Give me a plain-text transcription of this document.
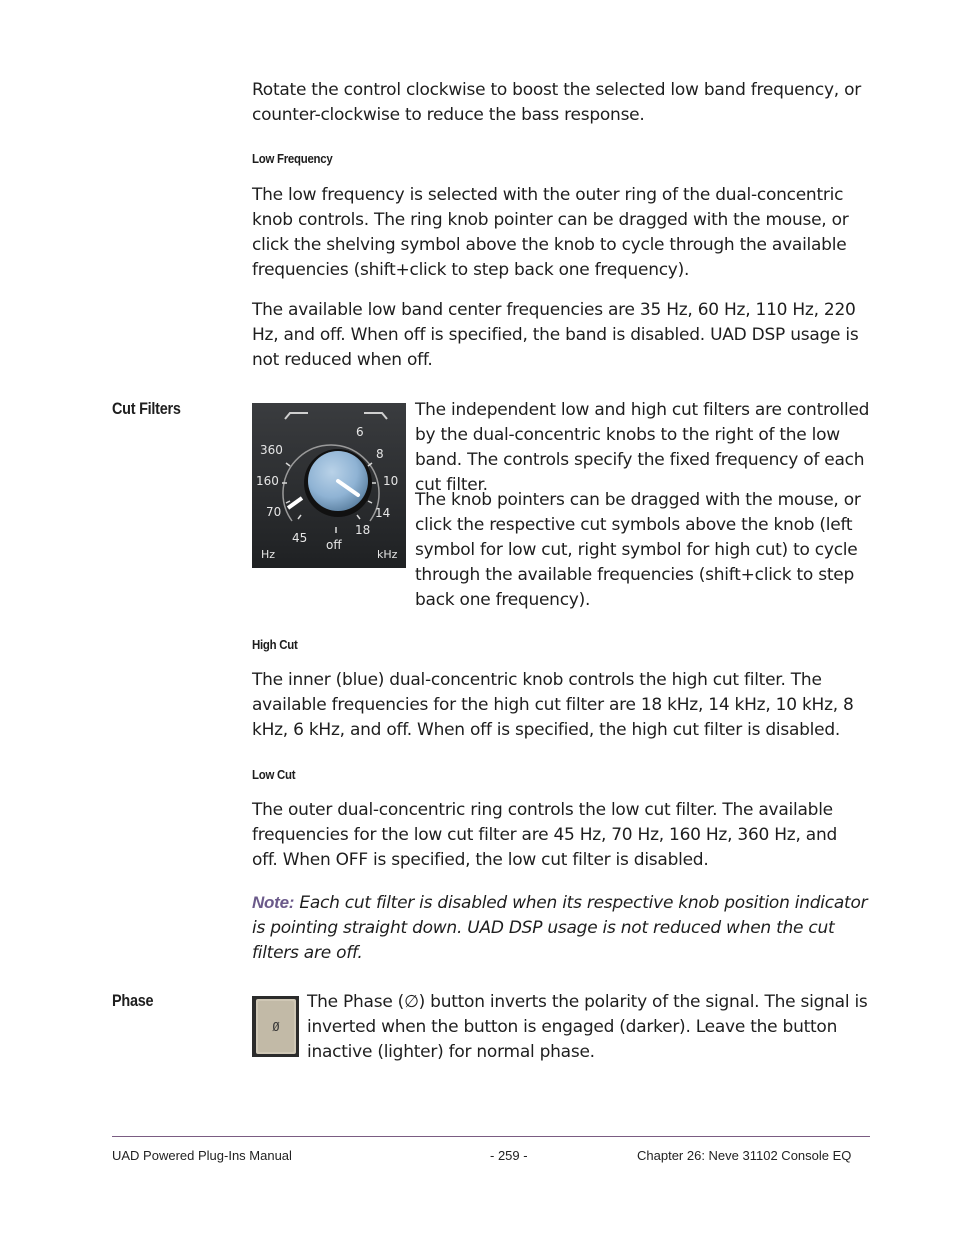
Rotate the control clockwise to boost the selected low band frequency, or counter-clockwise to reduce the bass response.

Low Frequency

The low frequency is selected with the outer ring of the dual-concentric knob controls. The ring knob pointer can be dragged with the mouse, or click the shelving symbol above the knob to cycle through the available frequencies (shift+click to step back one frequency).

The available low band center frequencies are 35 Hz, 60 Hz, 110 Hz, 220 Hz, and off. When off is specified, the band is disabled. UAD DSP usage is not reduced when off.

Cut Filters
360
160
70
45 off
6
8
10
14
18
Hz	kHz

The independent low and high cut filters are controlled by the dual-concentric knobs to the right of the low band. The controls specify the fixed frequency of each cut filter.

The knob pointers can be dragged with the mouse, or click the respective cut symbols above the knob (left symbol for low cut, right symbol for high cut) to cycle through the available frequencies (shift+click to step back one frequency).

High Cut

The inner (blue) dual-concentric knob controls the high cut filter. The available frequencies for the high cut filter are 18 kHz, 14 kHz, 10 kHz, 8 kHz, 6 kHz, and off. When off is specified, the high cut filter is disabled.

Low Cut

The outer dual-concentric ring controls the low cut filter. The available frequencies for the low cut filter are 45 Hz, 70 Hz, 160 Hz, 360 Hz, and off. When OFF is specified, the low cut filter is disabled.

Note: Each cut filter is disabled when its respective knob position indicator is pointing straight down. UAD DSP usage is not reduced when the cut filters are off.

Phase
Ø

The Phase (∅) button inverts the polarity of the signal. The signal is inverted when the button is engaged (darker). Leave the button inactive (lighter) for normal phase.

UAD Powered Plug-Ins Manual	- 259 -	Chapter 26: Neve 31102 Console EQ
